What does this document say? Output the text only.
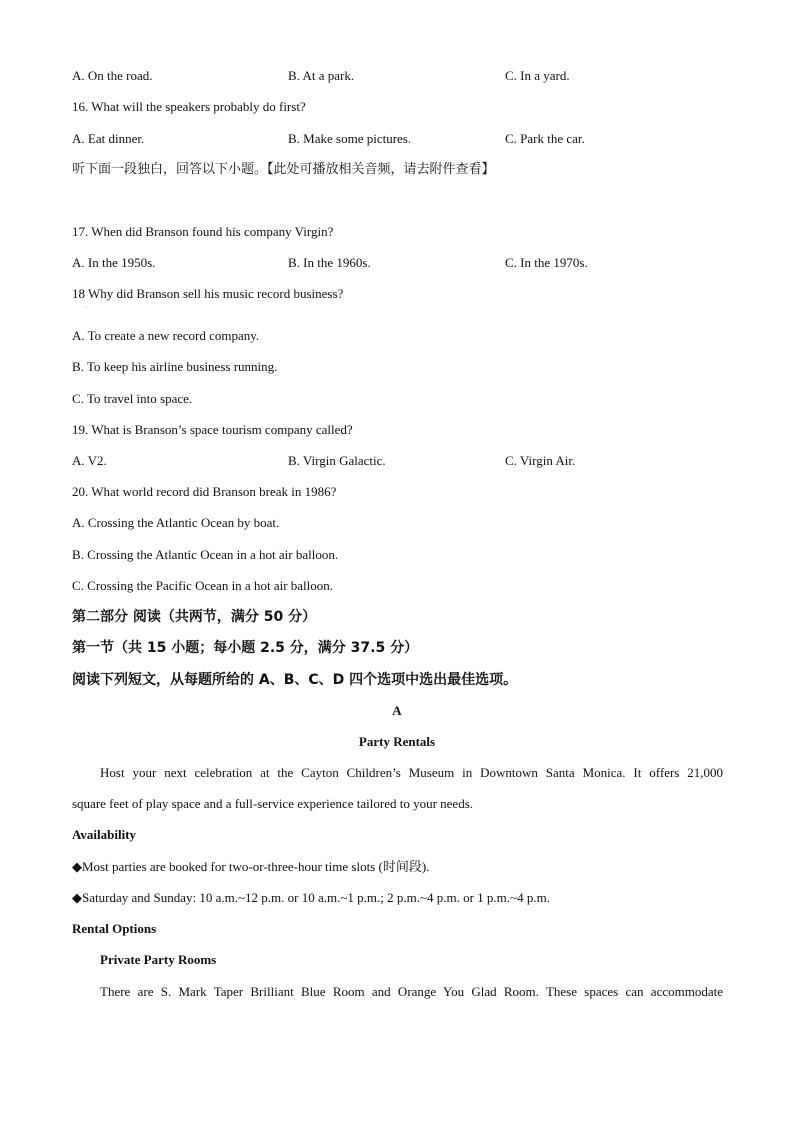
A. On the road.	B. At a park.	C. In a yard.
16. What will the speakers probably do first?
A. Eat dinner.	B. Make some pictures.	C. Park the car.
听下面一段独白，回答以下小题。【此处可播放相关音频，请去附件查看】
17. When did Branson found his company Virgin?
A. In the 1950s.	B. In the 1960s.	C. In the 1970s.
18 Why did Branson sell his music record business?
·
A. To create a new record company.
B. To keep his airline business running.
C. To travel into space.
19. What is Branson’s space tourism company called?
A. V2.	B. Virgin Galactic.	C. Virgin Air.
20. What world record did Branson break in 1986?
A. Crossing the Atlantic Ocean by boat.
B. Crossing the Atlantic Ocean in a hot air balloon.
C. Crossing the Pacific Ocean in a hot air balloon.
第二部分 阅读（共两节，满分 50 分）
第一节（共 15 小题；每小题 2.5 分，满分 37.5 分）
阅读下列短文，从每题所给的 A、B、C、D 四个选项中选出最佳选项。
A
Party Rentals
Host your next celebration at the Cayton Children’s Museum in Downtown Santa Monica. It offers 21,000
square feet of play space and a full-service experience tailored to your needs.
Availability
◆Most parties are booked for two-or-three-hour time slots (时间段).
◆Saturday and Sunday: 10 a.m.~12 p.m. or 10 a.m.~1 p.m.; 2 p.m.~4 p.m. or 1 p.m.~4 p.m.
Rental Options
Private Party Rooms
There are S. Mark Taper Brilliant Blue Room and Orange You Glad Room. These spaces can accommodate
